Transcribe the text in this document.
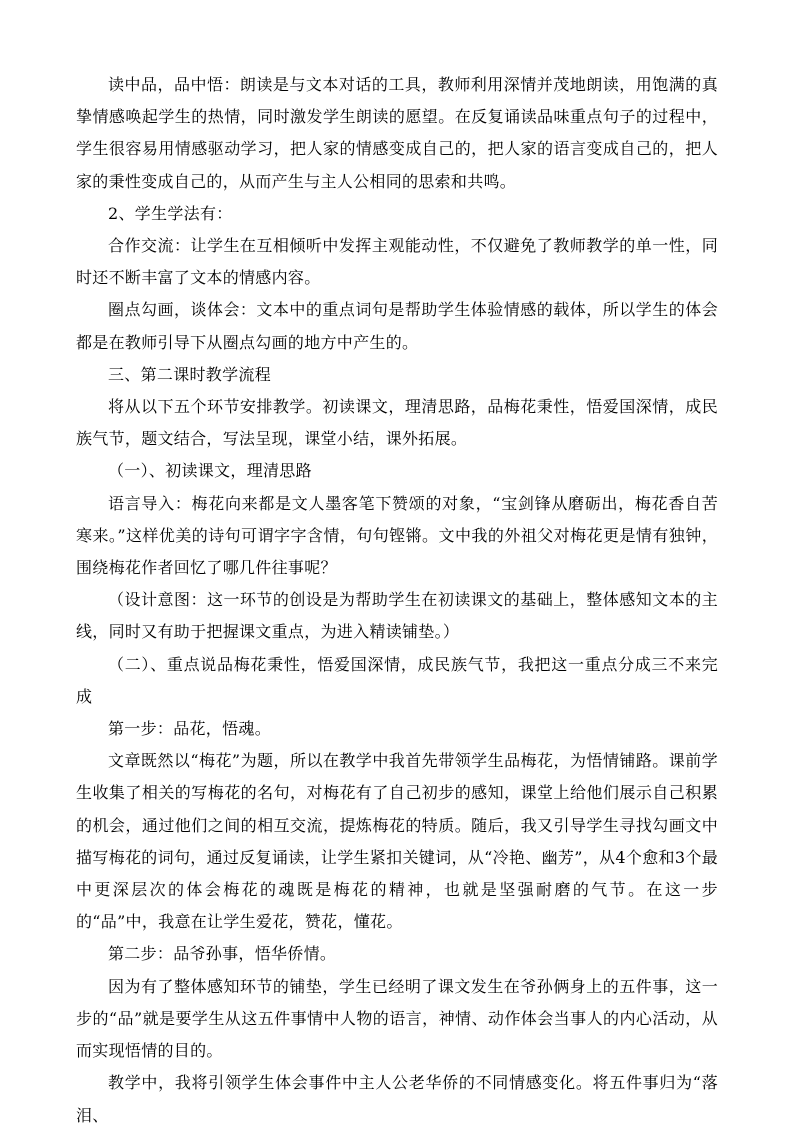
读中品，品中悟：朗读是与文本对话的工具，教师利用深情并茂地朗读，用饱满的真挚情感唤起学生的热情，同时激发学生朗读的愿望。在反复诵读品味重点句子的过程中，学生很容易用情感驱动学习，把人家的情感变成自己的，把人家的语言变成自己的，把人家的秉性变成自己的，从而产生与主人公相同的思索和共鸣。

2、学生学法有：

合作交流：让学生在互相倾听中发挥主观能动性，不仅避免了教师教学的单一性，同时还不断丰富了文本的情感内容。

圈点勾画，谈体会：文本中的重点词句是帮助学生体验情感的载体，所以学生的体会都是在教师引导下从圈点勾画的地方中产生的。

三、第二课时教学流程

将从以下五个环节安排教学。初读课文，理清思路，品梅花秉性，悟爱国深情，成民族气节，题文结合，写法呈现，课堂小结，课外拓展。

（一）、初读课文，理清思路

语言导入：梅花向来都是文人墨客笔下赞颂的对象，“宝剑锋从磨砺出，梅花香自苦寒来。”这样优美的诗句可谓字字含情，句句铿锵。文中我的外祖父对梅花更是情有独钟，围绕梅花作者回忆了哪几件往事呢？

（设计意图：这一环节的创设是为帮助学生在初读课文的基础上，整体感知文本的主线，同时又有助于把握课文重点，为进入精读铺垫。）

（二）、重点说品梅花秉性，悟爱国深情，成民族气节，我把这一重点分成三不来完成

第一步：品花，悟魂。

文章既然以“梅花”为题，所以在教学中我首先带领学生品梅花，为悟情铺路。课前学生收集了相关的写梅花的名句，对梅花有了自己初步的感知，课堂上给他们展示自己积累的机会，通过他们之间的相互交流，提炼梅花的特质。随后，我又引导学生寻找勾画文中描写梅花的词句，通过反复诵读，让学生紧扣关键词，从“冷艳、幽芳”，从4个愈和3个最中更深层次的体会梅花的魂既是梅花的精神，也就是坚强耐磨的气节。在这一步的“品”中，我意在让学生爱花，赞花，懂花。

第二步：品爷孙事，悟华侨情。

因为有了整体感知环节的铺垫，学生已经明了课文发生在爷孙俩身上的五件事，这一步的“品”就是要学生从这五件事情中人物的语言，神情、动作体会当事人的内心活动，从而实现悟情的目的。

教学中，我将引领学生体会事件中主人公老华侨的不同情感变化。将五件事归为“落泪、
